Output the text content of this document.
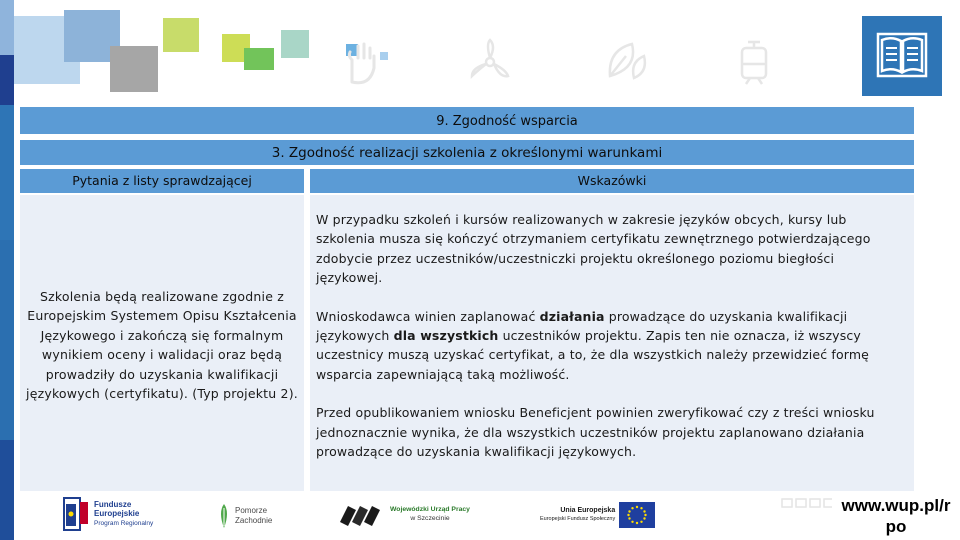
9. Zgodność wsparcia
3. Zgodność realizacji szkolenia z określonymi warunkami
Pytania z listy sprawdzającej	Wskazówki
Szkolenia będą realizowane zgodnie z Europejskim Systemem Opisu Kształcenia Językowego i zakończą się formalnym wynikiem oceny i walidacji oraz będą prowadziły do uzyskania kwalifikacji językowych (certyfikatu). (Typ projektu 2).

W przypadku szkoleń i kursów realizowanych w zakresie języków obcych, kursy lub szkolenia musza się kończyć otrzymaniem certyfikatu zewnętrznego potwierdzającego zdobycie przez uczestników/uczestniczki projektu określonego poziomu biegłości językowej.

Wnioskodawca winien zaplanować działania prowadzące do uzyskania kwalifikacji językowych dla wszystkich uczestników projektu. Zapis ten nie oznacza, iż wszyscy uczestnicy muszą uzyskać certyfikat, a to, że dla wszystkich należy przewidzieć formę wsparcia zapewniającą taką możliwość.

Przed opublikowaniem wniosku Beneficjent powinien zweryfikować czy z treści wniosku jednoznacznie wynika, że dla wszystkich uczestników projektu zaplanowano działania prowadzące do uzyskania kwalifikacji językowych.

Fundusze
Europejskie
Program Regionalny
Pomorze
Zachodnie
Wojewódzki Urząd Pracy
w Szczecinie
Unia Europejska
Europejski Fundusz Społeczny
www.wup.pl/r po
